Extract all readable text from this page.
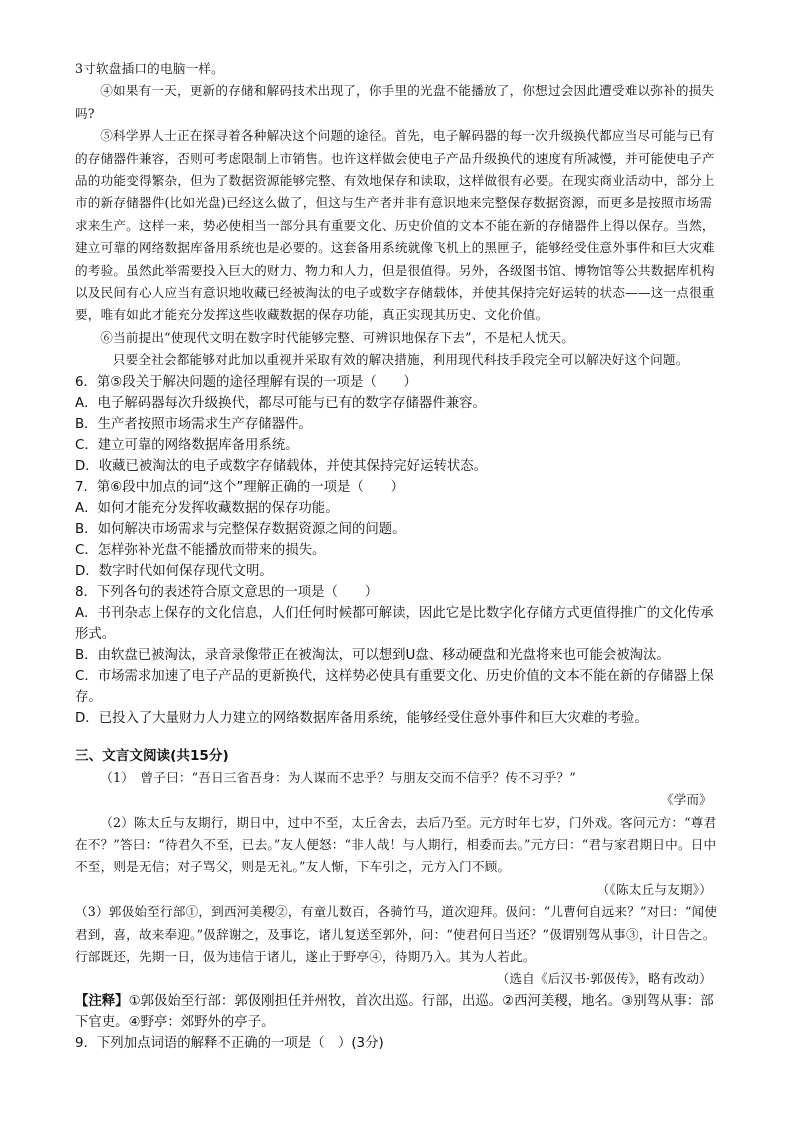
3寸软盘插口的电脑一样。

④如果有一天，更新的存储和解码技术出现了，你手里的光盘不能播放了，你想过会因此遭受难以弥补的损失吗?

⑤科学界人士正在探寻着各种解决这个问题的途径。首先，电子解码器的每一次升级换代都应当尽可能与已有的存储器件兼容，否则可考虑限制上市销售。也许这样做会使电子产品升级换代的速度有所减慢，并可能使电子产品的功能变得繁杂，但为了数据资源能够完整、有效地保存和读取，这样做很有必要。在现实商业活动中，部分上市的新存储器件(比如光盘)已经这么做了，但这与生产者并非有意识地来完整保存数据资源，而更多是按照市场需求来生产。这样一来，势必使相当一部分具有重要文化、历史价值的文本不能在新的存储器件上得以保存。当然，建立可靠的网络数据库备用系统也是必要的。这套备用系统就像飞机上的黑匣子，能够经受住意外事件和巨大灾难的考验。虽然此举需要投入巨大的财力、物力和人力，但是很值得。另外，各级图书馆、博物馆等公共数据库机构以及民间有心人应当有意识地收藏已经被淘汰的电子或数字存储载体，并使其保持完好运转的状态——这一点很重要，唯有如此才能充分发挥这些收藏数据的保存功能，真正实现其历史、文化价值。

⑥当前提出“使现代文明在数字时代能够完整、可辨识地保存下去”，不是杞人忧天。

只要全社会都能够对此加以重视并采取有效的解决措施，利用现代科技手段完全可以解决好这个问题。

6．第⑤段关于解决问题的途径理解有误的一项是（　　）

A．电子解码器每次升级换代，都尽可能与已有的数字存储器件兼容。

B．生产者按照市场需求生产存储器件。

C．建立可靠的网络数据库备用系统。

D．收藏已被淘汰的电子或数字存储载体，并使其保持完好运转状态。

7．第⑥段中加点的词“这个”理解正确的一项是（　　）

A．如何才能充分发挥收藏数据的保存功能。

B．如何解决市场需求与完整保存数据资源之间的问题。

C．怎样弥补光盘不能播放而带来的损失。

D．数字时代如何保存现代文明。

8．下列各句的表述符合原文意思的一项是（　　）

A．书刊杂志上保存的文化信息，人们任何时候都可解读，因此它是比数字化存储方式更值得推广的文化传承形式。

B．由软盘已被淘汰，录音录像带正在被淘汰，可以想到U盘、移动硬盘和光盘将来也可能会被淘汰。

C．市场需求加速了电子产品的更新换代，这样势必使具有重要文化、历史价值的文本不能在新的存储器上保存。

D．已投入了大量财力人力建立的网络数据库备用系统，能够经受住意外事件和巨大灾难的考验。

三、文言文阅读(共15分)

（1）　曾子曰：“吾日三省吾身：为人谋而不忠乎？与朋友交而不信乎？传不习乎？”

《学而》

（2）陈太丘与友期行，期日中，过中不至，太丘舍去，去后乃至。元方时年七岁，门外戏。客问元方：“尊君在不？”答曰：“待君久不至，已去。”友人便怒：“非人哉！与人期行，相委而去。”元方曰：“君与家君期日中。日中不至，则是无信；对子骂父，则是无礼。”友人惭，下车引之，元方入门不顾。

（《陈太丘与友期》）

（3）郭伋始至行部①，到西河美稷②，有童儿数百，各骑竹马，道次迎拜。伋问：“儿曹何自远来？”对曰：“闻使君到，喜，故来奉迎。”伋辞谢之，及事讫，诸儿复送至郭外，问：“使君何日当还？”伋谓别驾从事③，计日告之。行部既还，先期一日，伋为违信于诸儿，遂止于野亭④，待期乃入。其为人若此。

（选自《后汉书·郭伋传》，略有改动）

【注释】①郭伋始至行部：郭伋刚担任并州牧，首次出巡。行部，出巡。②西河美稷，地名。③别驾从事：部下官吏。④野亭：郊野外的亭子。

9．下列加点词语的解释不正确的一项是（　）(3分)
